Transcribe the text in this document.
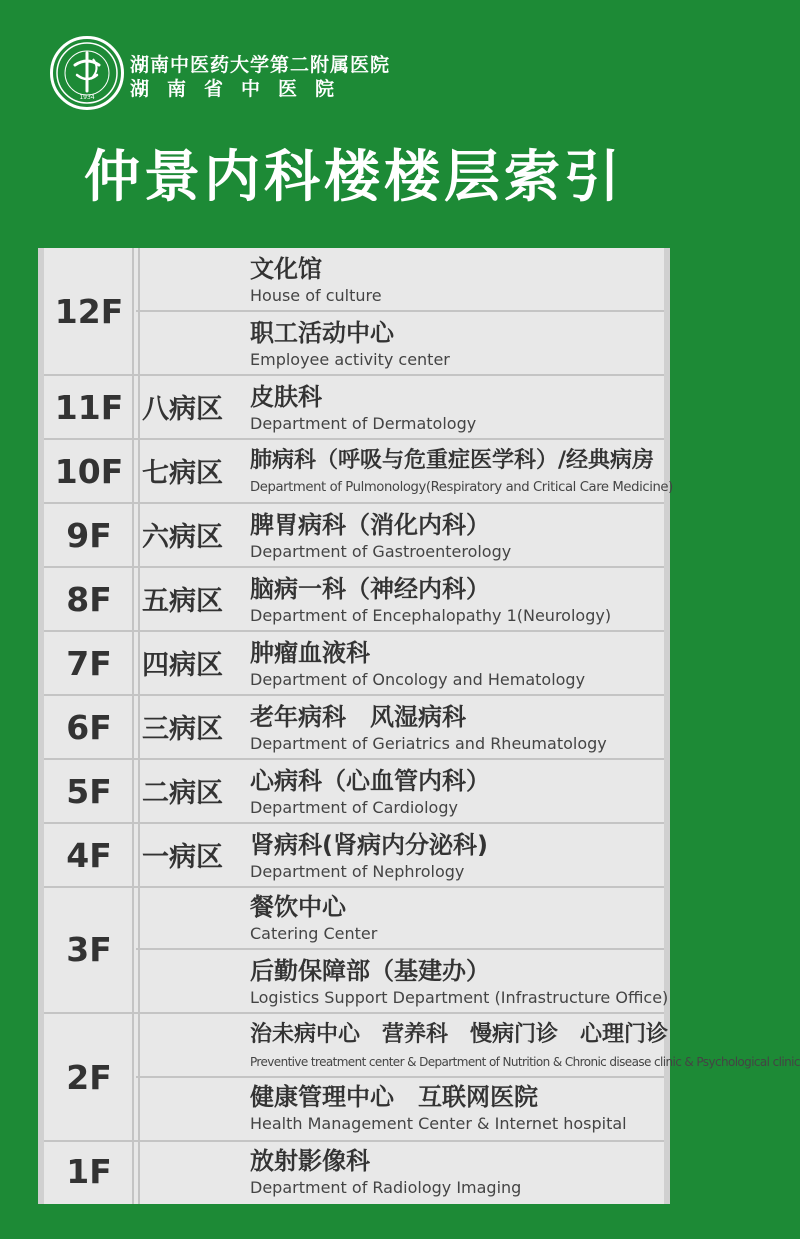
1934
湖南中医药大学第二附属医院
湖南省中医院
仲景内科楼楼层索引
12F
11F
10F
9F
8F
7F
6F
5F
4F
3F
2F
1F
八病区
七病区
六病区
五病区
四病区
三病区
二病区
一病区
文化馆
House of culture
职工活动中心
Employee activity center
皮肤科
Department of Dermatology
肺病科（呼吸与危重症医学科）/经典病房
Department of Pulmonology(Respiratory and Critical Care Medicine)
脾胃病科（消化内科）
Department of Gastroenterology
脑病一科（神经内科）
Department of Encephalopathy 1(Neurology)
肿瘤血液科
Department of Oncology and Hematology
老年病科　风湿病科
Department of Geriatrics and Rheumatology
心病科（心血管内科）
Department of Cardiology
肾病科(肾病内分泌科)
Department of Nephrology
餐饮中心
Catering Center
后勤保障部（基建办）
Logistics Support Department (Infrastructure Office)
治未病中心　营养科　慢病门诊　心理门诊
Preventive treatment center & Department of Nutrition & Chronic disease clinic & Psychological clinic
健康管理中心　互联网医院
Health Management Center & Internet hospital
放射影像科
Department of Radiology Imaging
